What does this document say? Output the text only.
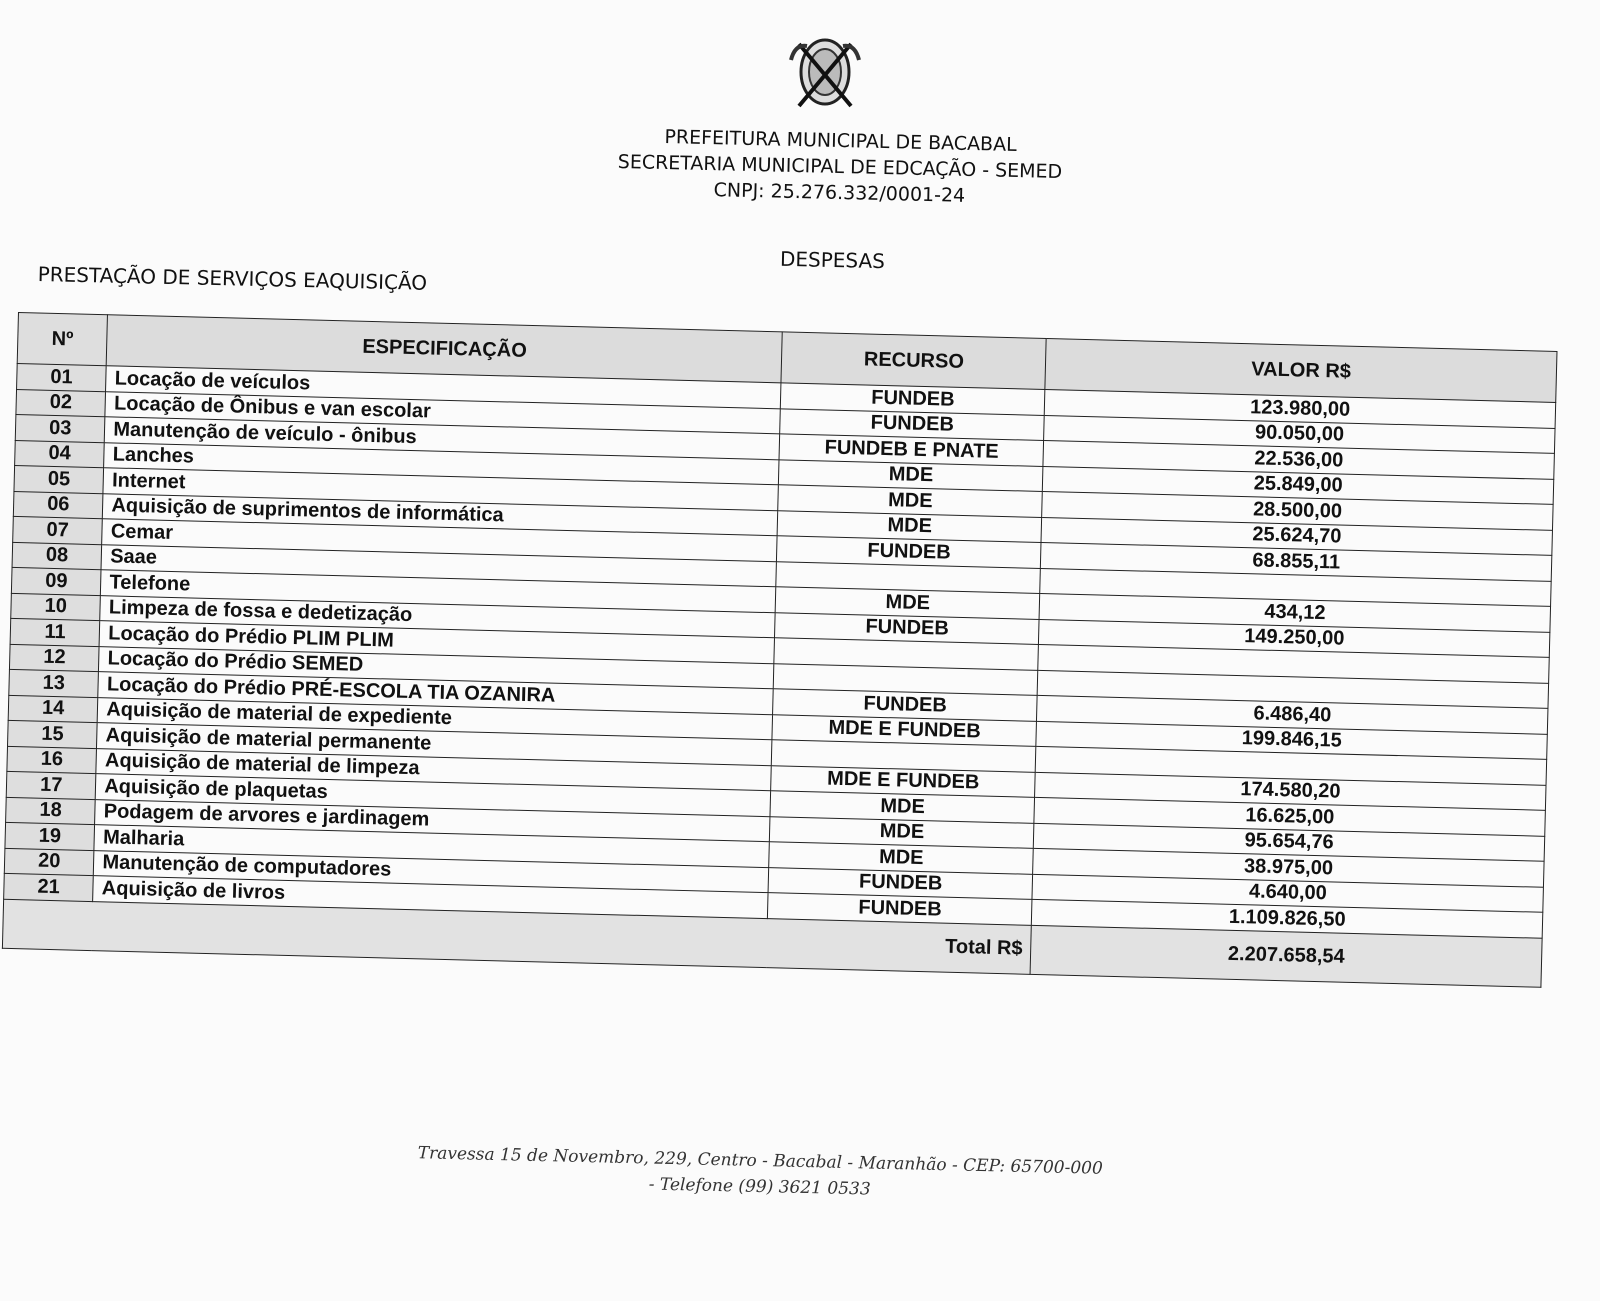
PREFEITURA MUNICIPAL DE BACABAL
SECRETARIA MUNICIPAL DE EDCAÇÃO - SEMED
CNPJ: 25.276.332/0001-24
DESPESAS
PRESTAÇÃO DE SERVIÇOS EAQUISIÇÃO
Nº	ESPECIFICAÇÃO	RECURSO	VALOR R$
01	Locação de veículos	FUNDEB	123.980,00
02	Locação de Ônibus e van escolar	FUNDEB	90.050,00
03	Manutenção de veículo - ônibus	FUNDEB E PNATE	22.536,00
04	Lanches	MDE	25.849,00
05	Internet	MDE	28.500,00
06	Aquisição de suprimentos de informática	MDE	25.624,70
07	Cemar	FUNDEB	68.855,11
08	Saae		
09	Telefone	MDE	434,12
10	Limpeza de fossa e dedetização	FUNDEB	149.250,00
11	Locação do Prédio PLIM PLIM		
12	Locação do Prédio SEMED		
13	Locação do Prédio PRÉ-ESCOLA TIA OZANIRA	FUNDEB	6.486,40
14	Aquisição de material de expediente	MDE E FUNDEB	199.846,15
15	Aquisição de material permanente		
16	Aquisição de material de limpeza	MDE E FUNDEB	174.580,20
17	Aquisição de plaquetas	MDE	16.625,00
18	Podagem de arvores e jardinagem	MDE	95.654,76
19	Malharia	MDE	38.975,00
20	Manutenção de computadores	FUNDEB	4.640,00
21	Aquisição de livros	FUNDEB	1.109.826,50
Total R$			2.207.658,54
Travessa 15 de Novembro, 229, Centro - Bacabal - Maranhão - CEP: 65700-000
- Telefone (99) 3621 0533
